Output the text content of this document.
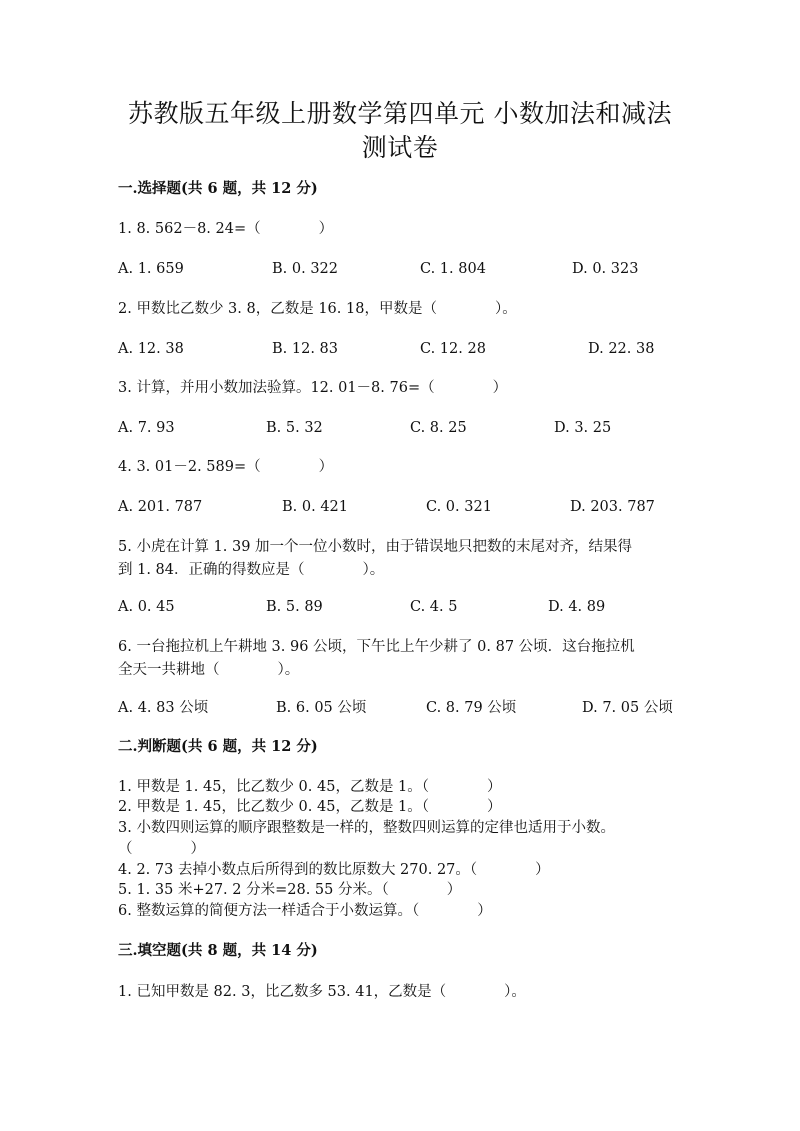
苏教版五年级上册数学第四单元 小数加法和减法
测试卷
一.选择题(共 6 题，共 12 分)
1. 8. 562－8. 24=（　　　　）
A. 1. 659	B. 0. 322	C. 1. 804	D. 0. 323
2. 甲数比乙数少 3. 8，乙数是 16. 18，甲数是（　　　　）。
A. 12. 38	B. 12. 83	C. 12. 28	D. 22. 38
3. 计算，并用小数加法验算。12. 01－8. 76=（　　　　）
A. 7. 93	B. 5. 32	C. 8. 25	D. 3. 25
4. 3. 01－2. 589=（　　　　）
A. 201. 787	B. 0. 421	C. 0. 321	D. 203. 787
5. 小虎在计算 1. 39 加一个一位小数时，由于错误地只把数的末尾对齐，结果得
到 1. 84．正确的得数应是（　　　　）。
A. 0. 45	B. 5. 89	C. 4. 5	D. 4. 89
6. 一台拖拉机上午耕地 3. 96 公顷，下午比上午少耕了 0. 87 公顷．这台拖拉机
全天一共耕地（　　　　）。
A. 4. 83 公顷	B. 6. 05 公顷	C. 8. 79 公顷	D. 7. 05 公顷
二.判断题(共 6 题，共 12 分)
1. 甲数是 1. 45，比乙数少 0. 45，乙数是 1。（　　　　）
2. 甲数是 1. 45，比乙数少 0. 45，乙数是 1。（　　　　）
3. 小数四则运算的顺序跟整数是一样的，整数四则运算的定律也适用于小数。
（　　　　）
4. 2. 73 去掉小数点后所得到的数比原数大 270. 27。（　　　　）
5. 1. 35 米+27. 2 分米=28. 55 分米。（　　　　）
6. 整数运算的简便方法一样适合于小数运算。（　　　　）
三.填空题(共 8 题，共 14 分)
1. 已知甲数是 82. 3，比乙数多 53. 41，乙数是（　　　　）。
